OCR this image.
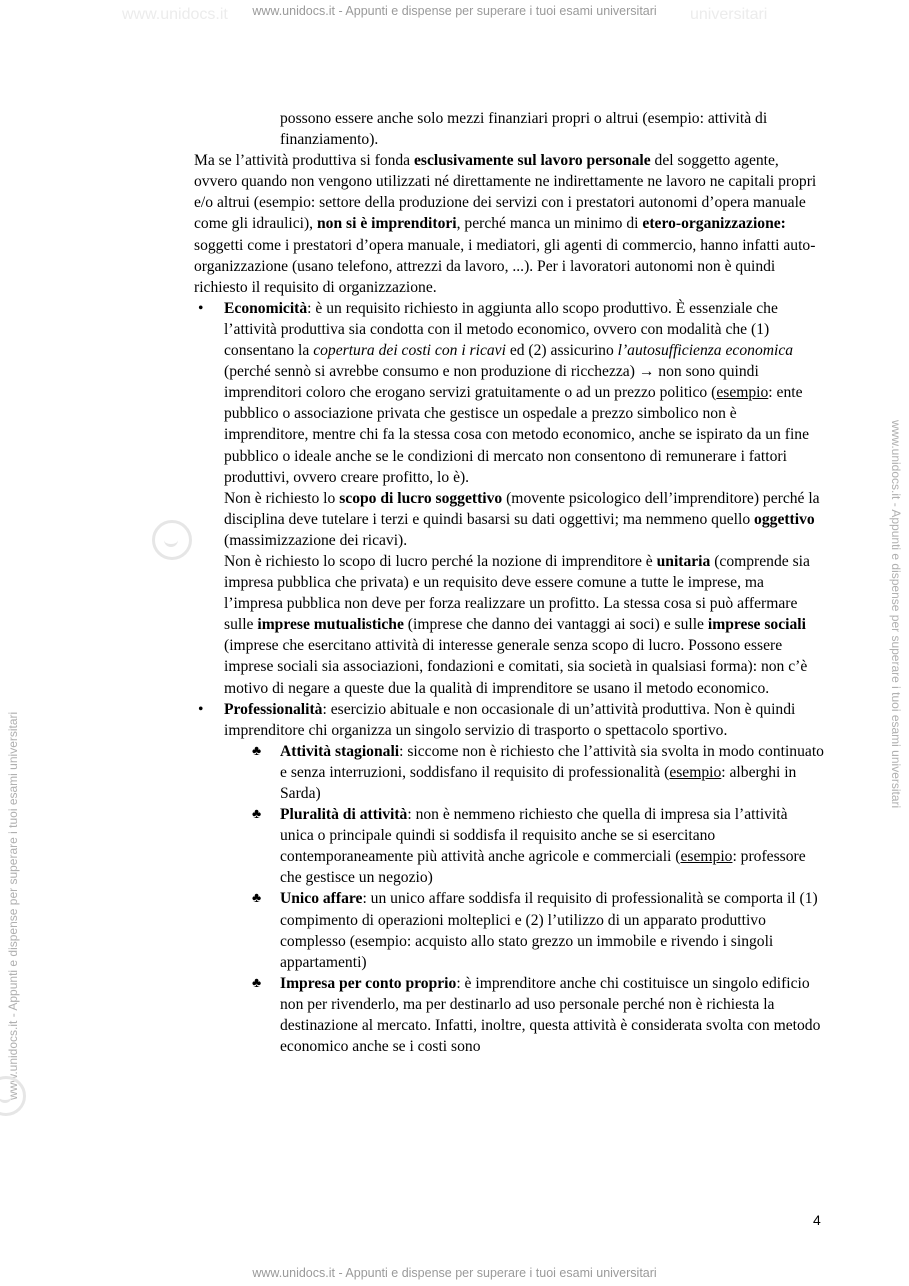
www.unidocs.it - Appunti e dispense per superare i tuoi esami universitari
www.unidocs.it	universitari
www.unidocs.it - Appunti e dispense per superare i tuoi esami universitari
www.unidocs.it - Appunti e dispense per superare i tuoi esami universitari

possono essere anche solo mezzi finanziari propri o altrui (esempio: attività di finanziamento).

Ma se l’attività produttiva si fonda esclusivamente sul lavoro personale del soggetto agente, ovvero quando non vengono utilizzati né direttamente ne indirettamente ne lavoro ne capitali propri e/o altrui (esempio: settore della produzione dei servizi con i prestatori autonomi d’opera manuale come gli idraulici), non si è imprenditori, perché manca un minimo di etero-organizzazione: soggetti come i prestatori d’opera manuale, i mediatori, gli agenti di commercio, hanno infatti auto-organizzazione (usano telefono, attrezzi da lavoro, ...). Per i lavoratori autonomi non è quindi richiesto il requisito di organizzazione.

• Economicità: è un requisito richiesto in aggiunta allo scopo produttivo. È essenziale che l’attività produttiva sia condotta con il metodo economico, ovvero con modalità che (1) consentano la copertura dei costi con i ricavi ed (2) assicurino l’autosufficienza economica (perché sennò si avrebbe consumo e non produzione di ricchezza) → non sono quindi imprenditori coloro che erogano servizi gratuitamente o ad un prezzo politico (esempio: ente pubblico o associazione privata che gestisce un ospedale a prezzo simbolico non è imprenditore, mentre chi fa la stessa cosa con metodo economico, anche se ispirato da un fine pubblico o ideale anche se le condizioni di mercato non consentono di remunerare i fattori produttivi, ovvero creare profitto, lo è).

Non è richiesto lo scopo di lucro soggettivo (movente psicologico dell’imprenditore) perché la disciplina deve tutelare i terzi e quindi basarsi su dati oggettivi; ma nemmeno quello oggettivo (massimizzazione dei ricavi).

Non è richiesto lo scopo di lucro perché la nozione di imprenditore è unitaria (comprende sia impresa pubblica che privata) e un requisito deve essere comune a tutte le imprese, ma l’impresa pubblica non deve per forza realizzare un profitto. La stessa cosa si può affermare sulle imprese mutualistiche (imprese che danno dei vantaggi ai soci) e sulle imprese sociali (imprese che esercitano attività di interesse generale senza scopo di lucro. Possono essere imprese sociali sia associazioni, fondazioni e comitati, sia società in qualsiasi forma): non c’è motivo di negare a queste due la qualità di imprenditore se usano il metodo economico.

• Professionalità: esercizio abituale e non occasionale di un’attività produttiva. Non è quindi imprenditore chi organizza un singolo servizio di trasporto o spettacolo sportivo.

♣ Attività stagionali: siccome non è richiesto che l’attività sia svolta in modo continuato e senza interruzioni, soddisfano il requisito di professionalità (esempio: alberghi in Sarda)

♣ Pluralità di attività: non è nemmeno richiesto che quella di impresa sia l’attività unica o principale quindi si soddisfa il requisito anche se si esercitano contemporaneamente più attività anche agricole e commerciali (esempio: professore che gestisce un negozio)

♣ Unico affare: un unico affare soddisfa il requisito di professionalità se comporta il (1) compimento di operazioni molteplici e (2) l’utilizzo di un apparato produttivo complesso (esempio: acquisto allo stato grezzo un immobile e rivendo i singoli appartamenti)

♣ Impresa per conto proprio: è imprenditore anche chi costituisce un singolo edificio non per rivenderlo, ma per destinarlo ad uso personale perché non è richiesta la destinazione al mercato. Infatti, inoltre, questa attività è considerata svolta con metodo economico anche se i costi sono

4
www.unidocs.it - Appunti e dispense per superare i tuoi esami universitari
